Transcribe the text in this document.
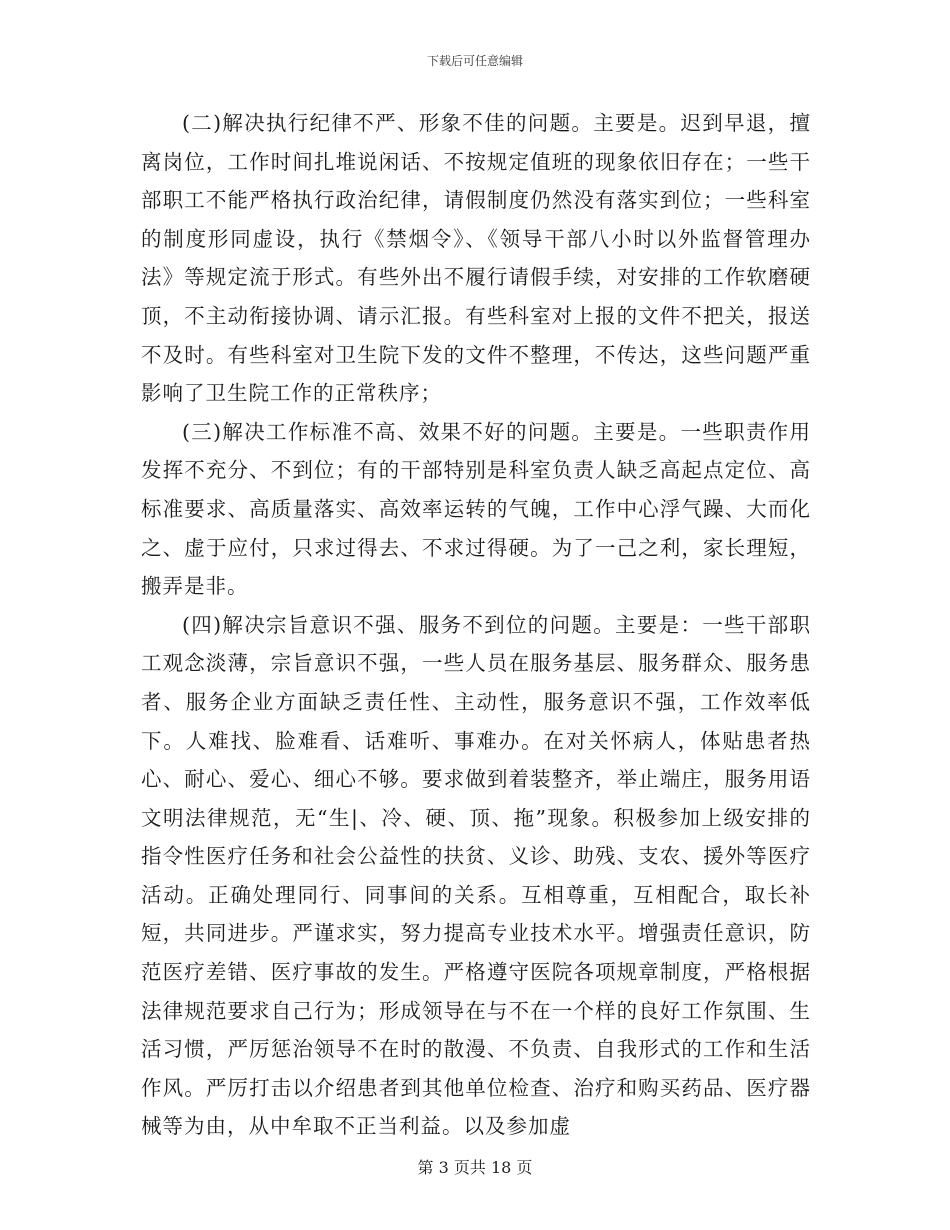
下载后可任意编辑

(二)解决执行纪律不严、形象不佳的问题。主要是。迟到早退，擅离岗位，工作时间扎堆说闲话、不按规定值班的现象依旧存在；一些干部职工不能严格执行政治纪律，请假制度仍然没有落实到位；一些科室的制度形同虚设，执行《禁烟令》、《领导干部八小时以外监督管理办法》等规定流于形式。有些外出不履行请假手续，对安排的工作软磨硬顶，不主动衔接协调、请示汇报。有些科室对上报的文件不把关，报送不及时。有些科室对卫生院下发的文件不整理，不传达，这些问题严重影响了卫生院工作的正常秩序；

(三)解决工作标准不高、效果不好的问题。主要是。一些职责作用发挥不充分、不到位；有的干部特别是科室负责人缺乏高起点定位、高标准要求、高质量落实、高效率运转的气魄，工作中心浮气躁、大而化之、虚于应付，只求过得去、不求过得硬。为了一己之利，家长理短，搬弄是非。

(四)解决宗旨意识不强、服务不到位的问题。主要是：一些干部职工观念淡薄，宗旨意识不强，一些人员在服务基层、服务群众、服务患者、服务企业方面缺乏责任性、主动性，服务意识不强，工作效率低下。人难找、脸难看、话难听、事难办。在对关怀病人，体贴患者热心、耐心、爱心、细心不够。要求做到着装整齐，举止端庄，服务用语文明法律规范，无“生|、冷、硬、顶、拖”现象。积极参加上级安排的指令性医疗任务和社会公益性的扶贫、义诊、助残、支农、援外等医疗活动。正确处理同行、同事间的关系。互相尊重，互相配合，取长补短，共同进步。严谨求实，努力提高专业技术水平。增强责任意识，防范医疗差错、医疗事故的发生。严格遵守医院各项规章制度，严格根据法律规范要求自己行为；形成领导在与不在一个样的良好工作氛围、生活习惯，严厉惩治领导不在时的散漫、不负责、自我形式的工作和生活作风。严厉打击以介绍患者到其他单位检查、治疗和购买药品、医疗器械等为由，从中牟取不正当利益。以及参加虚

第 3 页共 18 页
